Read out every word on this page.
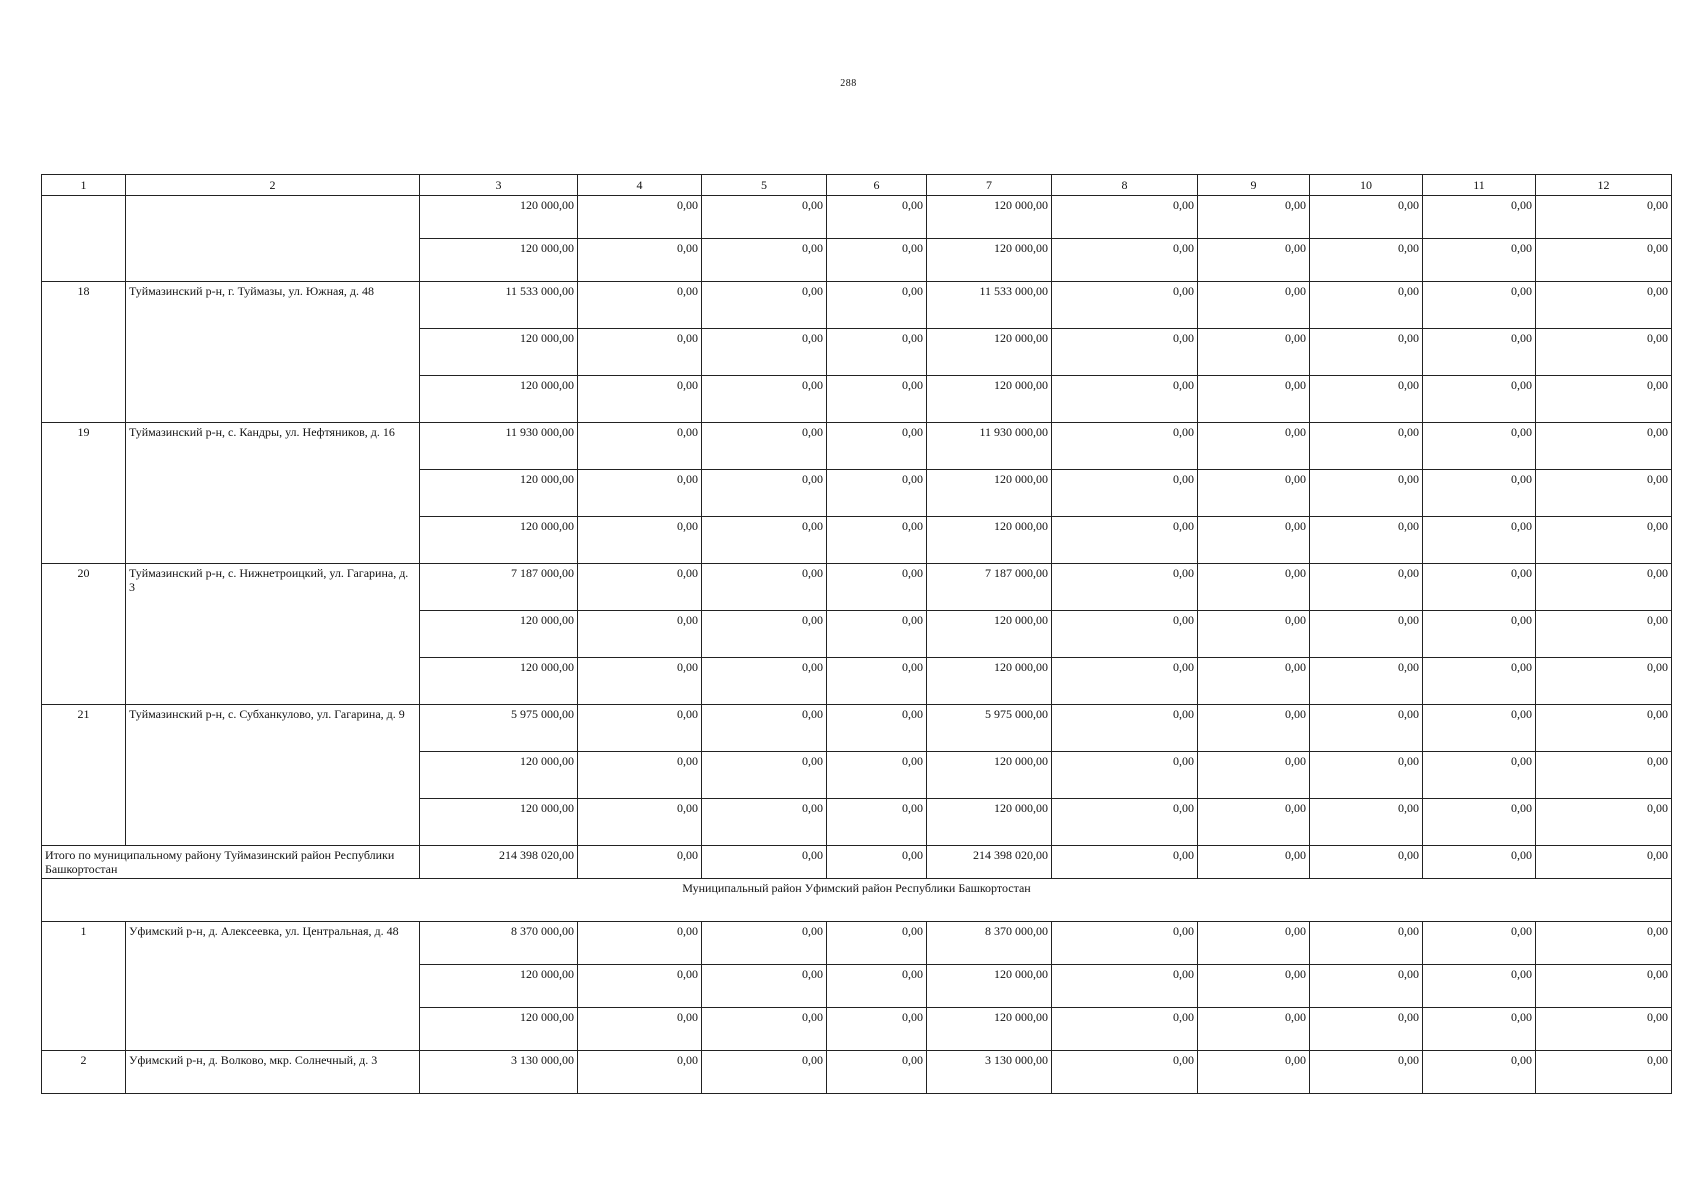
288
1	2	3	4	5	6	7	8	9	10	11	12
		120 000,00	0,00	0,00	0,00	120 000,00	0,00	0,00	0,00	0,00	0,00
		120 000,00	0,00	0,00	0,00	120 000,00	0,00	0,00	0,00	0,00	0,00
18	Туймазинский р-н, г. Туймазы, ул. Южная, д. 48	11 533 000,00	0,00	0,00	0,00	11 533 000,00	0,00	0,00	0,00	0,00	0,00
		120 000,00	0,00	0,00	0,00	120 000,00	0,00	0,00	0,00	0,00	0,00
		120 000,00	0,00	0,00	0,00	120 000,00	0,00	0,00	0,00	0,00	0,00
19	Туймазинский р-н, с. Кандры, ул. Нефтяников, д. 16	11 930 000,00	0,00	0,00	0,00	11 930 000,00	0,00	0,00	0,00	0,00	0,00
		120 000,00	0,00	0,00	0,00	120 000,00	0,00	0,00	0,00	0,00	0,00
		120 000,00	0,00	0,00	0,00	120 000,00	0,00	0,00	0,00	0,00	0,00
20	Туймазинский р-н, с. Нижнетроицкий, ул. Гагарина, д. 3	7 187 000,00	0,00	0,00	0,00	7 187 000,00	0,00	0,00	0,00	0,00	0,00
		120 000,00	0,00	0,00	0,00	120 000,00	0,00	0,00	0,00	0,00	0,00
		120 000,00	0,00	0,00	0,00	120 000,00	0,00	0,00	0,00	0,00	0,00
21	Туймазинский р-н, с. Субханкулово, ул. Гагарина, д. 9	5 975 000,00	0,00	0,00	0,00	5 975 000,00	0,00	0,00	0,00	0,00	0,00
		120 000,00	0,00	0,00	0,00	120 000,00	0,00	0,00	0,00	0,00	0,00
		120 000,00	0,00	0,00	0,00	120 000,00	0,00	0,00	0,00	0,00	0,00
Итого по муниципальному району Туймазинский район Республики Башкортостан		214 398 020,00	0,00	0,00	0,00	214 398 020,00	0,00	0,00	0,00	0,00	0,00
Муниципальный район Уфимский район Республики Башкортостан											
1	Уфимский р-н, д. Алексеевка, ул. Центральная, д. 48	8 370 000,00	0,00	0,00	0,00	8 370 000,00	0,00	0,00	0,00	0,00	0,00
		120 000,00	0,00	0,00	0,00	120 000,00	0,00	0,00	0,00	0,00	0,00
		120 000,00	0,00	0,00	0,00	120 000,00	0,00	0,00	0,00	0,00	0,00
2	Уфимский р-н, д. Волково, мкр. Солнечный, д. 3	3 130 000,00	0,00	0,00	0,00	3 130 000,00	0,00	0,00	0,00	0,00	0,00
